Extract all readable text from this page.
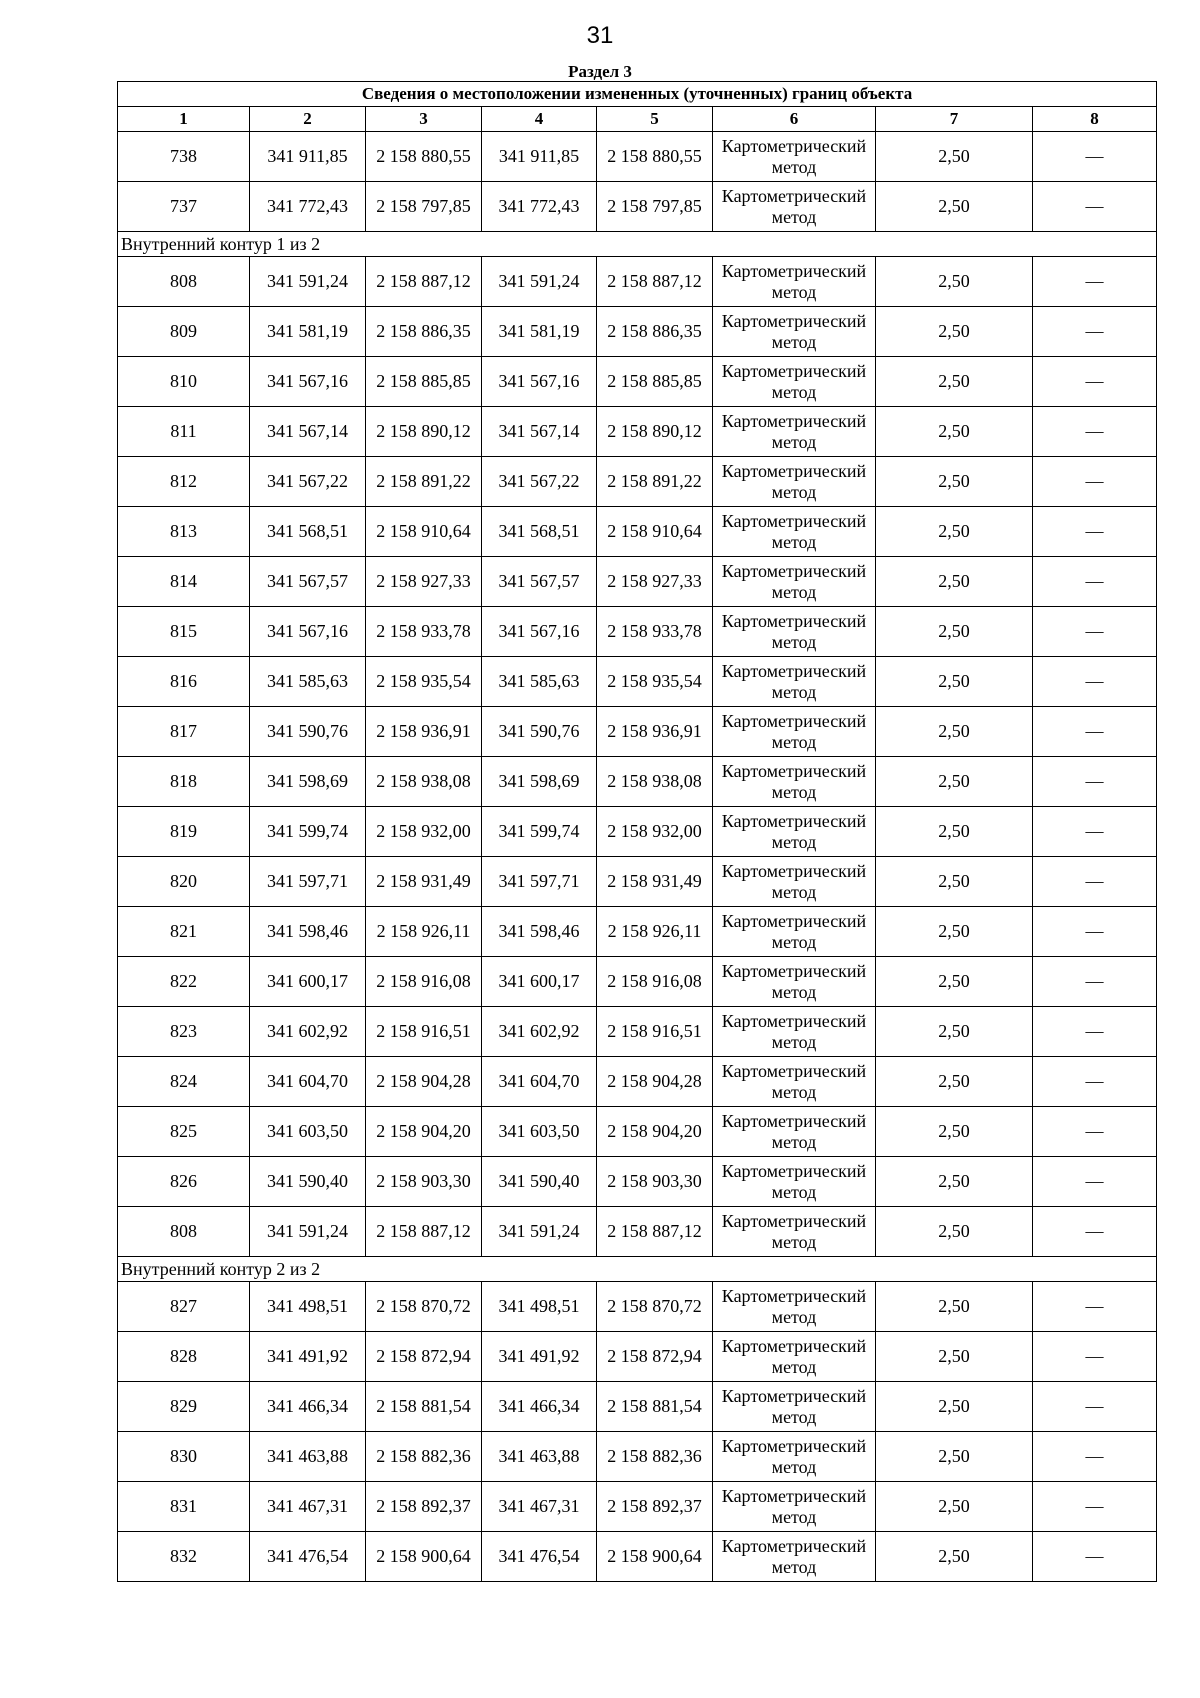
31
Раздел 3
Сведения о местоположении измененных (уточненных) границ объекта							
1	2	3	4	5	6	7	8
738	341 911,85	2 158 880,55	341 911,85	2 158 880,55	Картометрический метод	2,50	—
737	341 772,43	2 158 797,85	341 772,43	2 158 797,85	Картометрический метод	2,50	—
Внутренний контур 1 из 2							
808	341 591,24	2 158 887,12	341 591,24	2 158 887,12	Картометрический метод	2,50	—
809	341 581,19	2 158 886,35	341 581,19	2 158 886,35	Картометрический метод	2,50	—
810	341 567,16	2 158 885,85	341 567,16	2 158 885,85	Картометрический метод	2,50	—
811	341 567,14	2 158 890,12	341 567,14	2 158 890,12	Картометрический метод	2,50	—
812	341 567,22	2 158 891,22	341 567,22	2 158 891,22	Картометрический метод	2,50	—
813	341 568,51	2 158 910,64	341 568,51	2 158 910,64	Картометрический метод	2,50	—
814	341 567,57	2 158 927,33	341 567,57	2 158 927,33	Картометрический метод	2,50	—
815	341 567,16	2 158 933,78	341 567,16	2 158 933,78	Картометрический метод	2,50	—
816	341 585,63	2 158 935,54	341 585,63	2 158 935,54	Картометрический метод	2,50	—
817	341 590,76	2 158 936,91	341 590,76	2 158 936,91	Картометрический метод	2,50	—
818	341 598,69	2 158 938,08	341 598,69	2 158 938,08	Картометрический метод	2,50	—
819	341 599,74	2 158 932,00	341 599,74	2 158 932,00	Картометрический метод	2,50	—
820	341 597,71	2 158 931,49	341 597,71	2 158 931,49	Картометрический метод	2,50	—
821	341 598,46	2 158 926,11	341 598,46	2 158 926,11	Картометрический метод	2,50	—
822	341 600,17	2 158 916,08	341 600,17	2 158 916,08	Картометрический метод	2,50	—
823	341 602,92	2 158 916,51	341 602,92	2 158 916,51	Картометрический метод	2,50	—
824	341 604,70	2 158 904,28	341 604,70	2 158 904,28	Картометрический метод	2,50	—
825	341 603,50	2 158 904,20	341 603,50	2 158 904,20	Картометрический метод	2,50	—
826	341 590,40	2 158 903,30	341 590,40	2 158 903,30	Картометрический метод	2,50	—
808	341 591,24	2 158 887,12	341 591,24	2 158 887,12	Картометрический метод	2,50	—
Внутренний контур 2 из 2							
827	341 498,51	2 158 870,72	341 498,51	2 158 870,72	Картометрический метод	2,50	—
828	341 491,92	2 158 872,94	341 491,92	2 158 872,94	Картометрический метод	2,50	—
829	341 466,34	2 158 881,54	341 466,34	2 158 881,54	Картометрический метод	2,50	—
830	341 463,88	2 158 882,36	341 463,88	2 158 882,36	Картометрический метод	2,50	—
831	341 467,31	2 158 892,37	341 467,31	2 158 892,37	Картометрический метод	2,50	—
832	341 476,54	2 158 900,64	341 476,54	2 158 900,64	Картометрический метод	2,50	—
